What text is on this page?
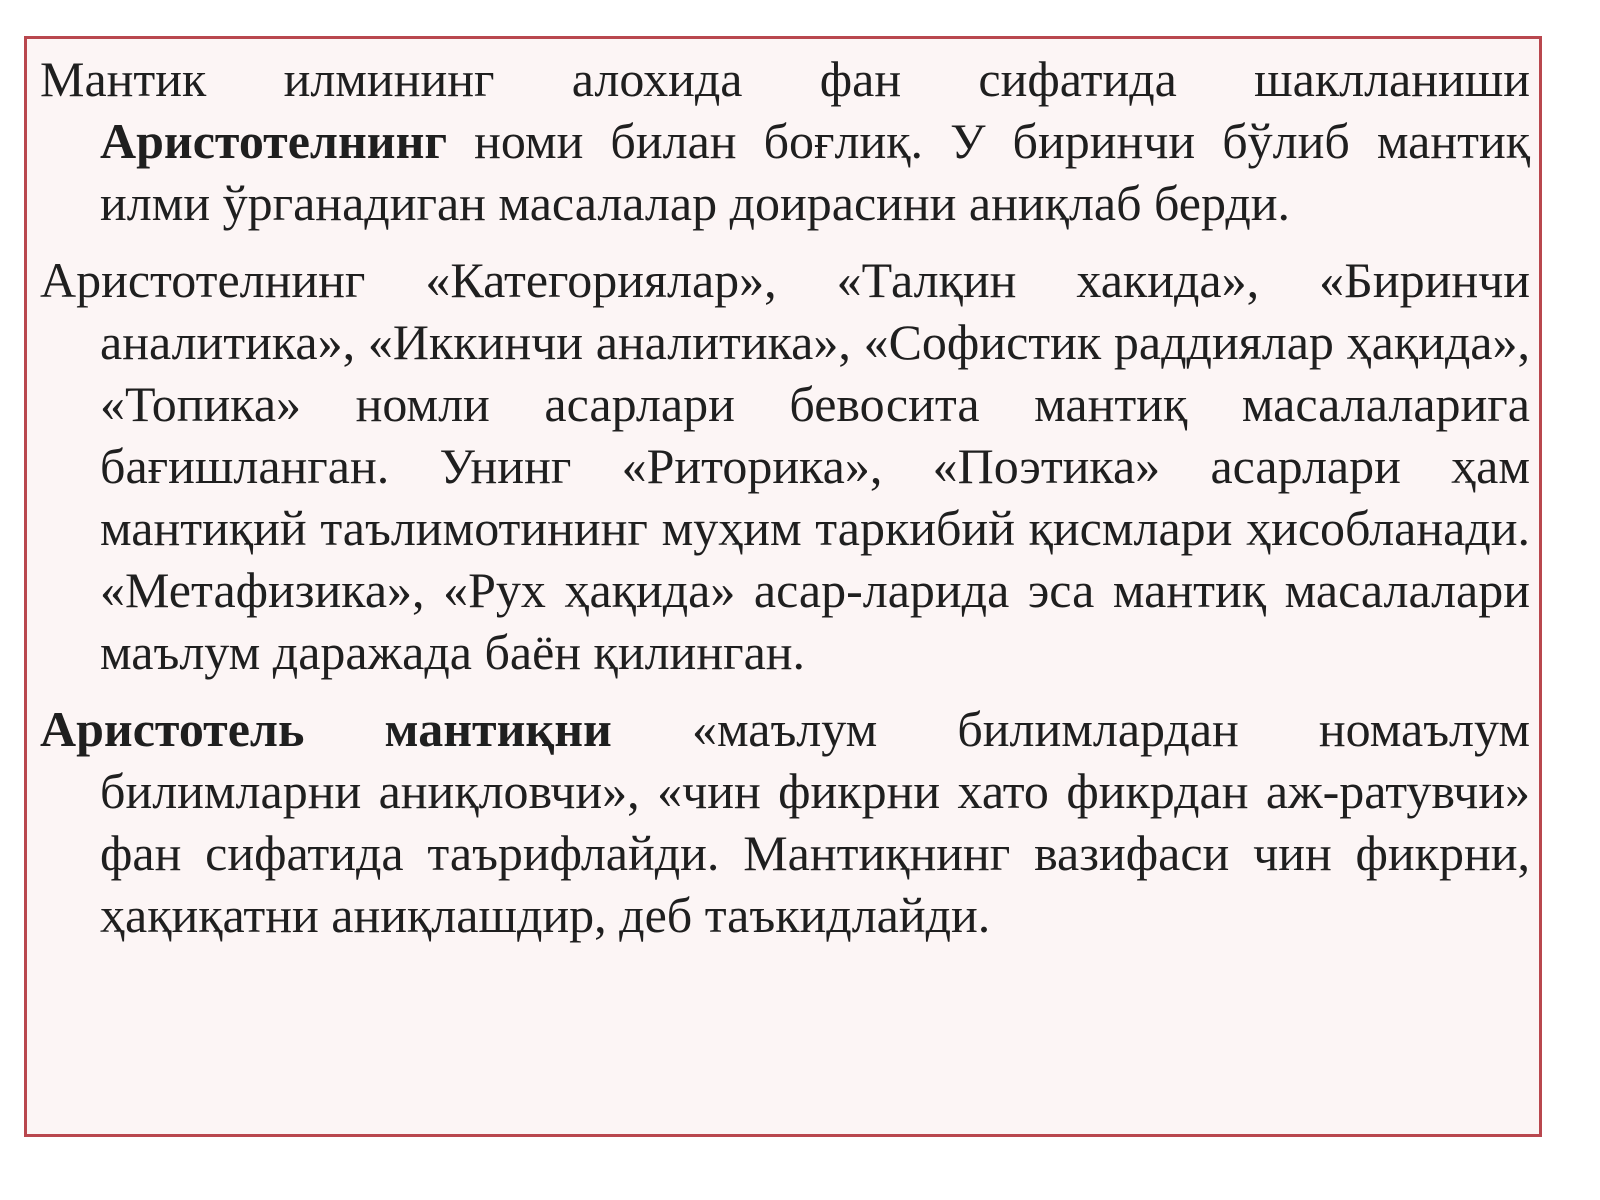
Мантик илмининг алохида фан сифатида шаклланиши Аристотелнинг номи билан боғлиқ. У биринчи бўлиб мантиқ илми ўрганадиган масалалар доирасини аниқлаб берди.

Аристотелнинг «Категориялар», «Талқин хакида», «Биринчи аналитика», «Иккинчи аналитика», «Софистик раддиялар ҳақида», «Топика» номли асарлари бевосита мантиқ масалаларига бағишланган. Унинг «Риторика», «Поэтика» асарлари ҳам мантиқий таълимотининг муҳим таркибий қисмлари ҳисобланади. «Метафизика», «Рух ҳақида» асар-ларида эса мантиқ масалалари маълум даражада баён қилинган.

Аристотель мантиқни «маълум билимлардан номаълум билимларни аниқловчи», «чин фикрни хато фикрдан аж-ратувчи» фан сифатида таърифлайди. Мантиқнинг вазифаси чин фикрни, ҳақиқатни аниқлашдир, деб таъкидлайди.
